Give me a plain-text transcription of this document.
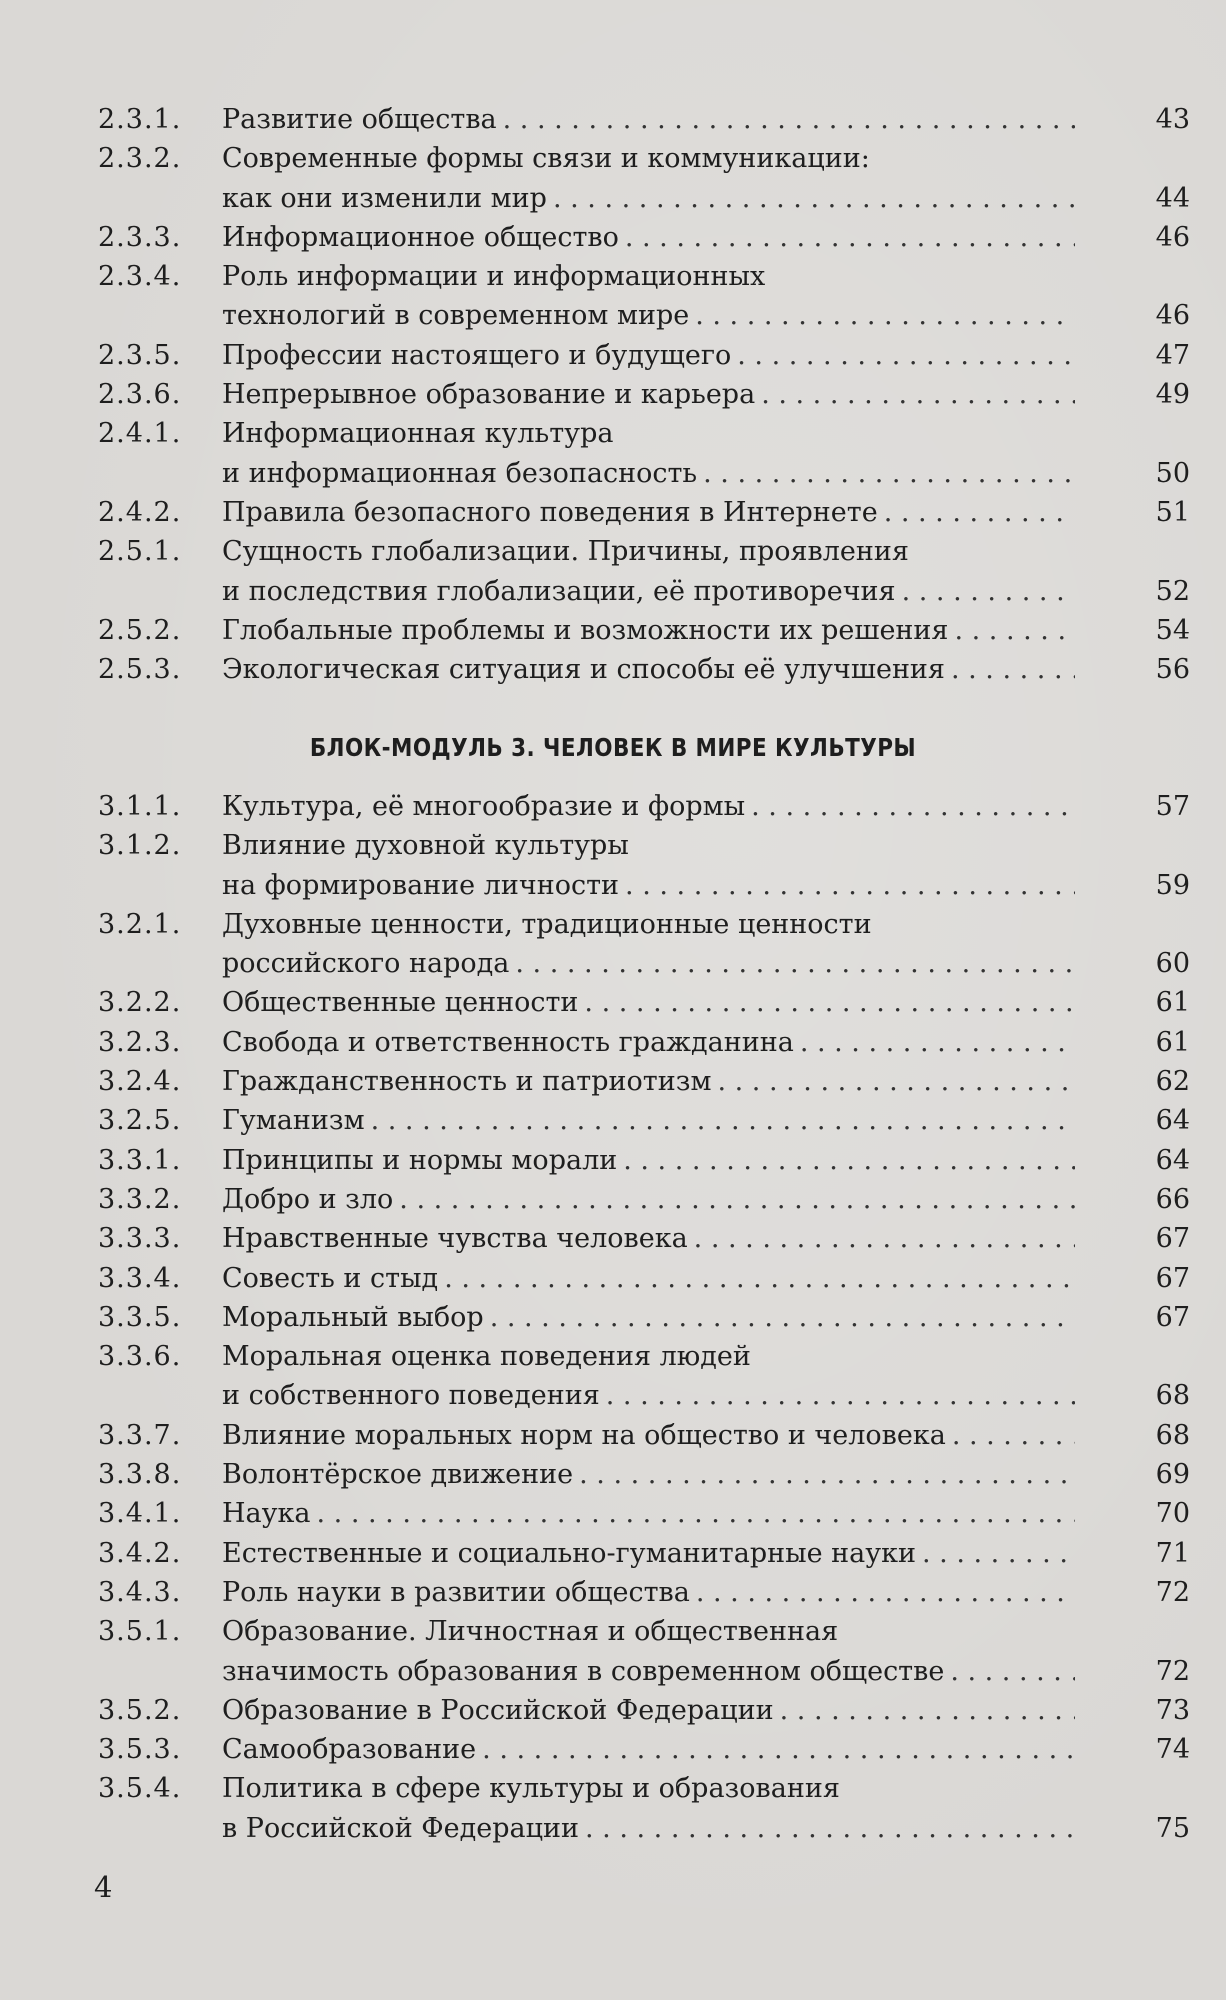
2.3.1. Развитие общества . . .	43
2.3.2. Современные формы связи и коммуникации:
как они изменили мир . . .	44
2.3.3. Информационное общество . . .	46
2.3.4. Роль информации и информационных
технологий в современном мире . . .	46
2.3.5. Профессии настоящего и будущего . . .	47
2.3.6. Непрерывное образование и карьера . . .	49
2.4.1. Информационная культура
и информационная безопасность . . .	50
2.4.2. Правила безопасного поведения в Интернете . . .	51
2.5.1. Сущность глобализации. Причины, проявления
и последствия глобализации, её противоречия . . .	52
2.5.2. Глобальные проблемы и возможности их решения . . .	54
2.5.3. Экологическая ситуация и способы её улучшения . . .	56
БЛОК-МОДУЛЬ 3. ЧЕЛОВЕК В МИРЕ КУЛЬТУРЫ
3.1.1. Культура, её многообразие и формы . . .	57
3.1.2. Влияние духовной культуры
на формирование личности . . .	59
3.2.1. Духовные ценности, традиционные ценности
российского народа . . .	60
3.2.2. Общественные ценности . . .	61
3.2.3. Свобода и ответственность гражданина . . .	61
3.2.4. Гражданственность и патриотизм . . .	62
3.2.5. Гуманизм . . .	64
3.3.1. Принципы и нормы морали . . .	64
3.3.2. Добро и зло . . .	66
3.3.3. Нравственные чувства человека . . .	67
3.3.4. Совесть и стыд . . .	67
3.3.5. Моральный выбор . . .	67
3.3.6. Моральная оценка поведения людей
и собственного поведения . . .	68
3.3.7. Влияние моральных норм на общество и человека . . .	68
3.3.8. Волонтёрское движение . . .	69
3.4.1. Наука . . .	70
3.4.2. Естественные и социально-гуманитарные науки . . .	71
3.4.3. Роль науки в развитии общества . . .	72
3.5.1. Образование. Личностная и общественная
значимость образования в современном обществе . . .	72
3.5.2. Образование в Российской Федерации . . .	73
3.5.3. Самообразование . . .	74
3.5.4. Политика в сфере культуры и образования
в Российской Федерации . . .	75
4
